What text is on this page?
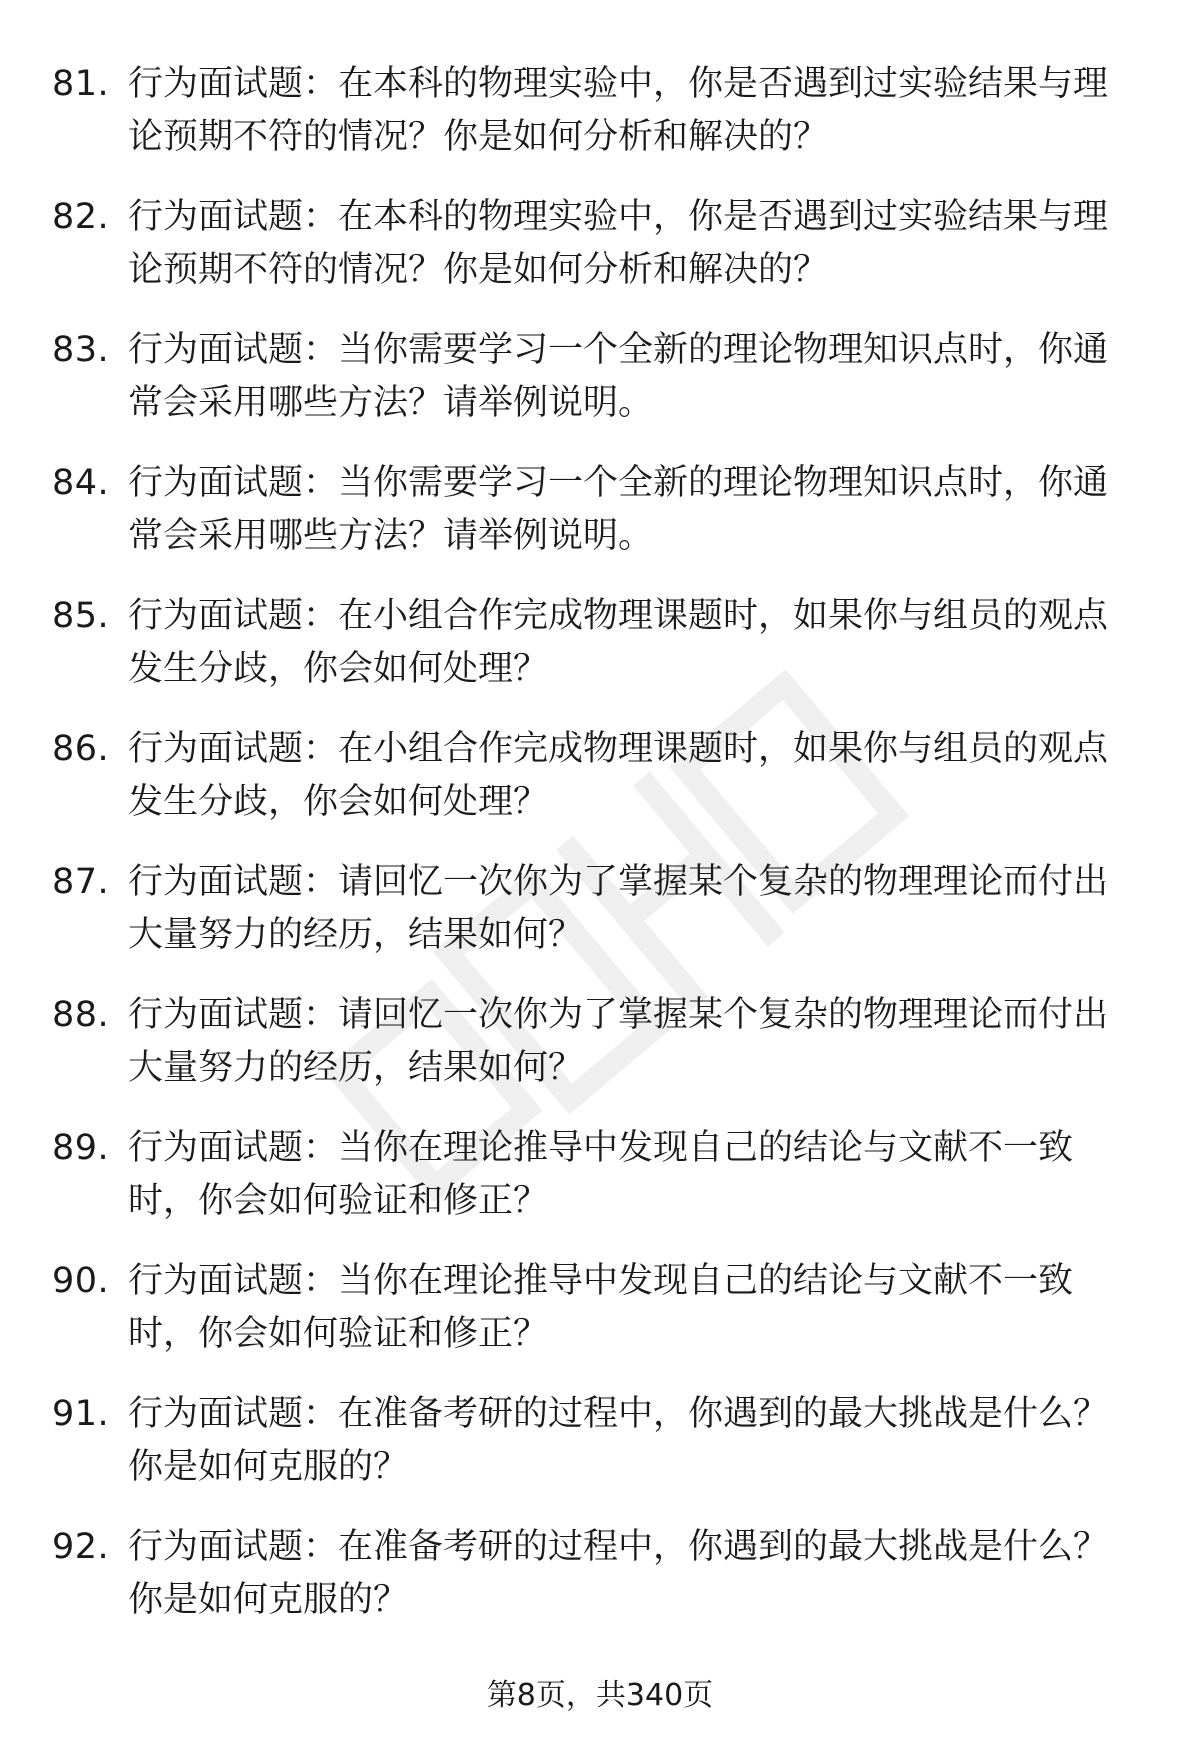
81. 行为面试题：在本科的物理实验中，你是否遇到过实验结果与理论预期不符的情况？你是如何分析和解决的？
82. 行为面试题：在本科的物理实验中，你是否遇到过实验结果与理论预期不符的情况？你是如何分析和解决的？
83. 行为面试题：当你需要学习一个全新的理论物理知识点时，你通常会采用哪些方法？请举例说明。
84. 行为面试题：当你需要学习一个全新的理论物理知识点时，你通常会采用哪些方法？请举例说明。
85. 行为面试题：在小组合作完成物理课题时，如果你与组员的观点发生分歧，你会如何处理？
86. 行为面试题：在小组合作完成物理课题时，如果你与组员的观点发生分歧，你会如何处理？
87. 行为面试题：请回忆一次你为了掌握某个复杂的物理理论而付出大量努力的经历，结果如何？
88. 行为面试题：请回忆一次你为了掌握某个复杂的物理理论而付出大量努力的经历，结果如何？
89. 行为面试题：当你在理论推导中发现自己的结论与文献不一致时，你会如何验证和修正？
90. 行为面试题：当你在理论推导中发现自己的结论与文献不一致时，你会如何验证和修正？
91. 行为面试题：在准备考研的过程中，你遇到的最大挑战是什么？你是如何克服的？
92. 行为面试题：在准备考研的过程中，你遇到的最大挑战是什么？你是如何克服的？
第8页，共340页
